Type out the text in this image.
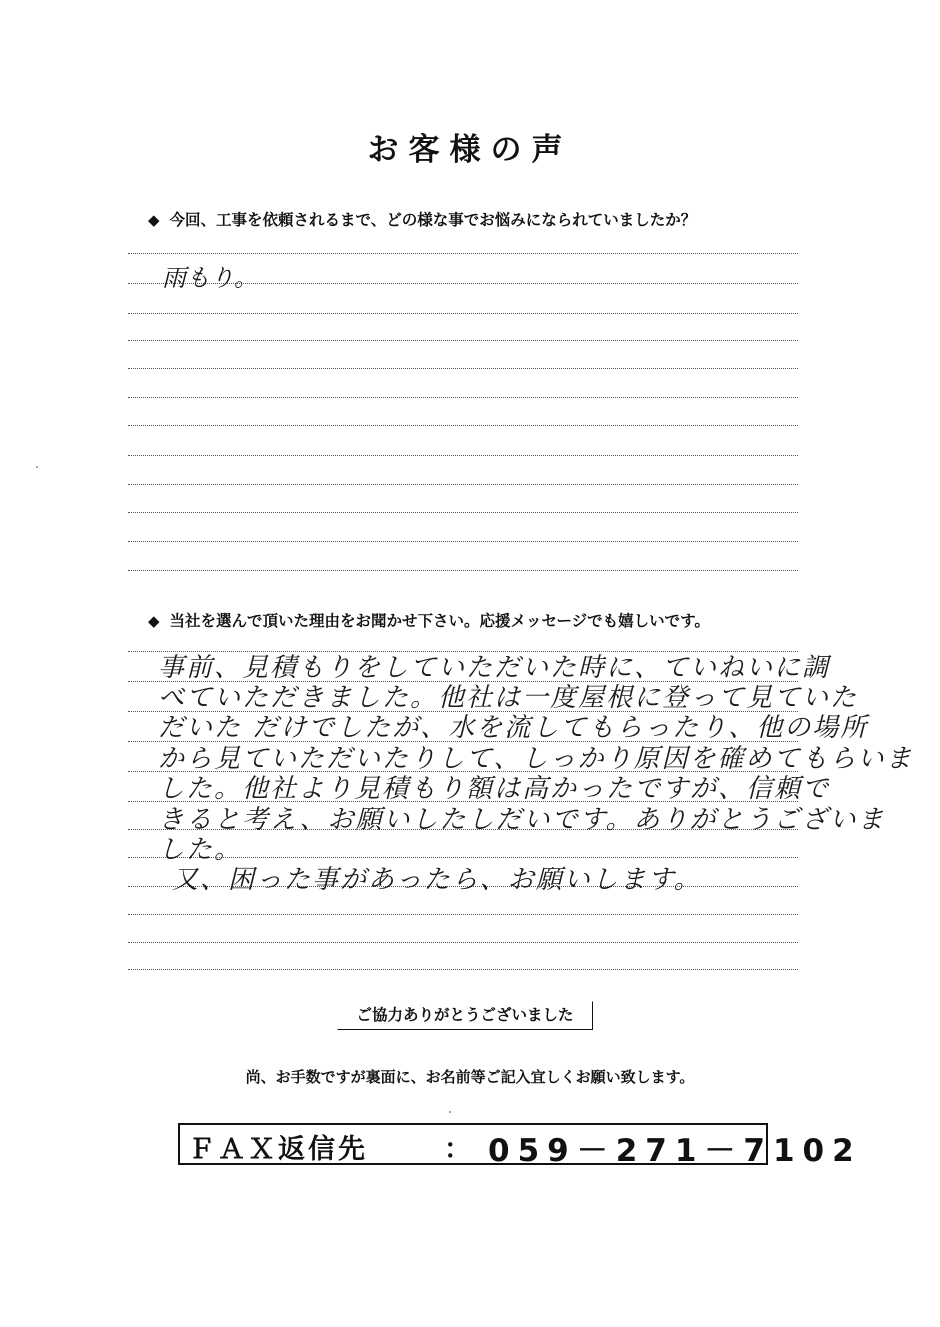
お客様の声
◆ 今回、工事を依頼されるまで、どの様な事でお悩みになられていましたか？
雨もり。
◆ 当社を選んで頂いた理由をお聞かせ下さい。応援メッセージでも嬉しいです。
事前、見積もりをしていただいた時に、ていねいに調
べていただきました。他社は一度屋根に登って見ていた
だいた だけでしたが、水を流してもらったり、他の場所
から見ていただいたりして、しっかり原因を確めてもらいま
した。他社より見積もり額は高かったですが、信頼で
きると考え、お願いしたしだいです。ありがとうございま
した。
又、困った事があったら、お願いします。
ご協力ありがとうございました
尚、お手数ですが裏面に、お名前等ご記入宜しくお願い致します。
ＦＡＸ返信先	： 059－271－7102
